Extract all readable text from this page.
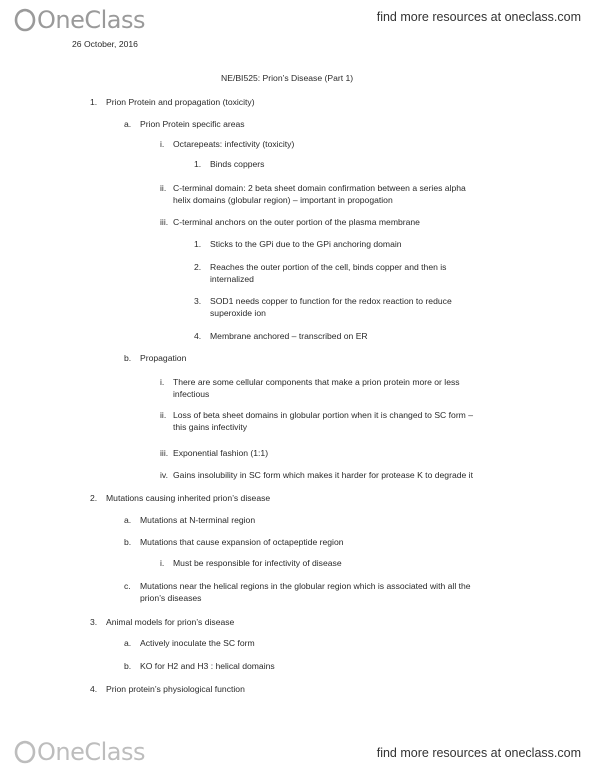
OneClass	find more resources at oneclass.com
26 October, 2016
NE/BI525: Prion’s Disease (Part 1)
1. Prion Protein and propagation (toxicity)
a. Prion Protein specific areas
i. Octarepeats: infectivity (toxicity)
1. Binds coppers
ii. C-terminal domain: 2 beta sheet domain confirmation between a series alpha
helix domains (globular region) – important in propogation
iii. C-terminal anchors on the outer portion of the plasma membrane
1. Sticks to the GPi due to the GPi anchoring domain
2. Reaches the outer portion of the cell, binds copper and then is
internalized
3. SOD1 needs copper to function for the redox reaction to reduce
superoxide ion
4. Membrane anchored – transcribed on ER
b. Propagation
i. There are some cellular components that make a prion protein more or less
infectious
ii. Loss of beta sheet domains in globular portion when it is changed to SC form –
this gains infectivity
iii. Exponential fashion (1:1)
iv. Gains insolubility in SC form which makes it harder for protease K to degrade it
2. Mutations causing inherited prion’s disease
a. Mutations at N-terminal region
b. Mutations that cause expansion of octapeptide region
i. Must be responsible for infectivity of disease
c. Mutations near the helical regions in the globular region which is associated with all the
prion’s diseases
3. Animal models for prion’s disease
a. Actively inoculate the SC form
b. KO for H2 and H3 : helical domains
4. Prion protein’s physiological function
OneClass	find more resources at oneclass.com
